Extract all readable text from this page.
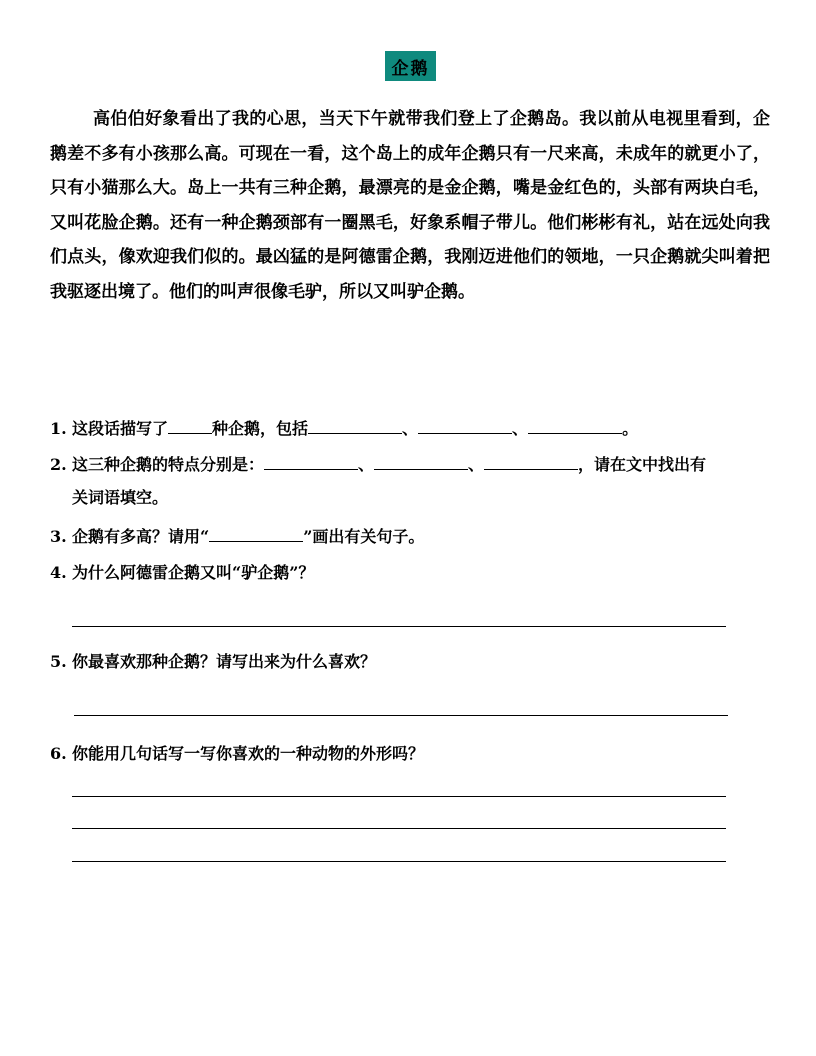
企鹅
高伯伯好象看出了我的心思，当天下午就带我们登上了企鹅岛。我以前从电视里看到，企鹅差不多有小孩那么高。可现在一看，这个岛上的成年企鹅只有一尺来高，未成年的就更小了，只有小猫那么大。岛上一共有三种企鹅，最漂亮的是金企鹅，嘴是金红色的，头部有两块白毛，又叫花脸企鹅。还有一种企鹅颈部有一圈黑毛，好象系帽子带儿。他们彬彬有礼，站在远处向我们点头，像欢迎我们似的。最凶猛的是阿德雷企鹅，我刚迈进他们的领地，一只企鹅就尖叫着把我驱逐出境了。他们的叫声很像毛驴，所以又叫驴企鹅。
1. 这段话描写了	种企鹅，包括	、	、	。
2. 这三种企鹅的特点分别是：	、	、	，请在文中找出有
关词语填空。
3. 企鹅有多高？请用“	”画出有关句子。
4. 为什么阿德雷企鹅又叫“驴企鹅”？
5. 你最喜欢那种企鹅？请写出来为什么喜欢？
6. 你能用几句话写一写你喜欢的一种动物的外形吗？
